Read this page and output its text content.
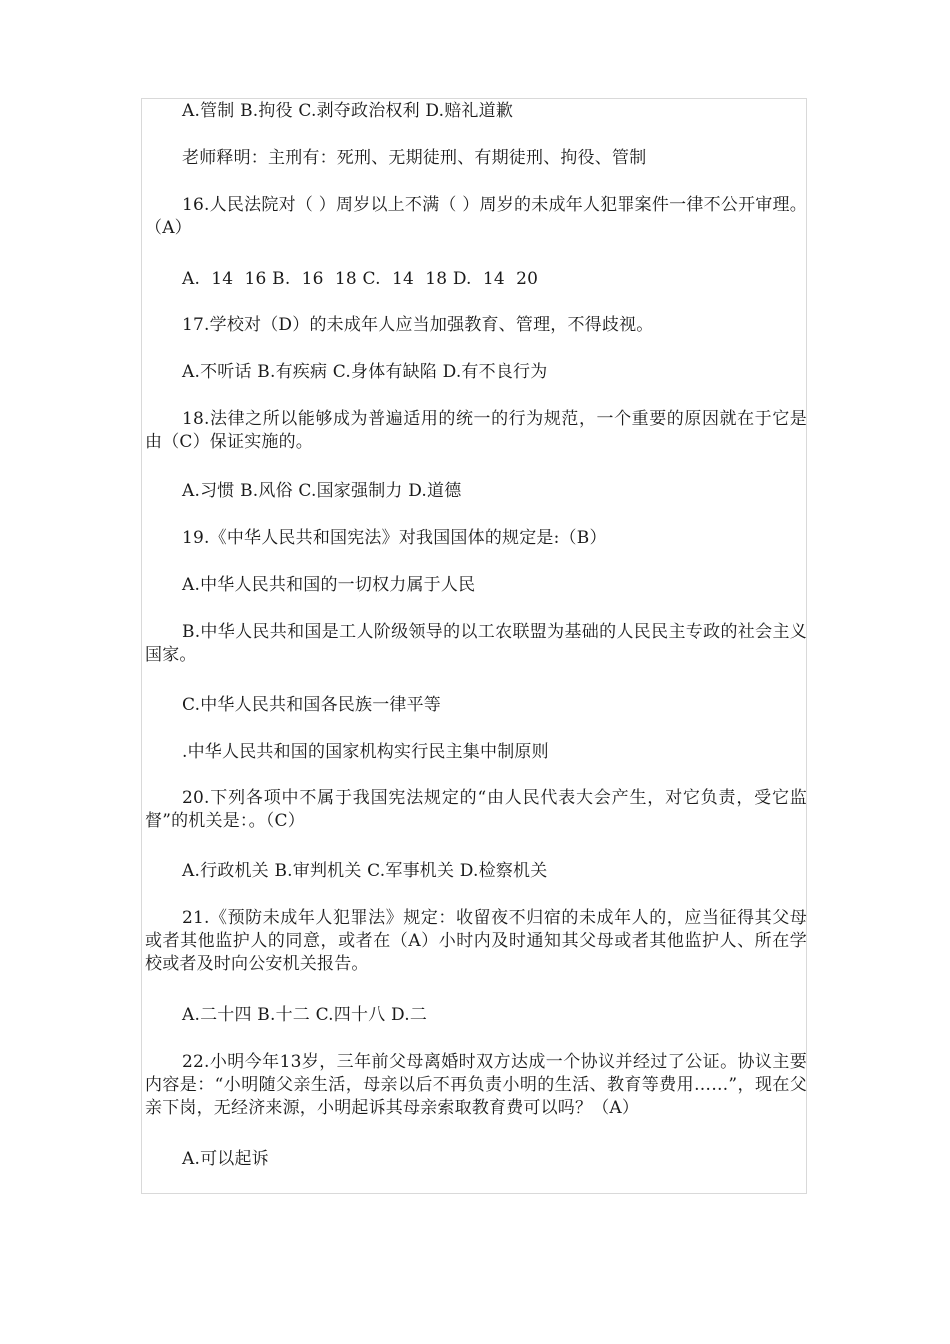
A.管制 B.拘役 C.剥夺政治权利 D.赔礼道歉

老师释明：主刑有：死刑、无期徒刑、有期徒刑、拘役、管制

16.人民法院对（ ）周岁以上不满（ ）周岁的未成年人犯罪案件一律不公开审理。（A）

A.  14  16 B.  16  18 C.  14  18 D.  14  20

17.学校对（D）的未成年人应当加强教育、管理，不得歧视。

A.不听话 B.有疾病 C.身体有缺陷 D.有不良行为

18.法律之所以能够成为普遍适用的统一的行为规范，一个重要的原因就在于它是由（C）保证实施的。

A.习惯 B.风俗 C.国家强制力 D.道德

19.《中华人民共和国宪法》对我国国体的规定是:（B）

A.中华人民共和国的一切权力属于人民

B.中华人民共和国是工人阶级领导的以工农联盟为基础的人民民主专政的社会主义国家。

C.中华人民共和国各民族一律平等

.中华人民共和国的国家机构实行民主集中制原则

20.下列各项中不属于我国宪法规定的“由人民代表大会产生，对它负责，受它监督”的机关是：。（C）

A.行政机关 B.审判机关 C.军事机关 D.检察机关

21.《预防未成年人犯罪法》规定：收留夜不归宿的未成年人的，应当征得其父母或者其他监护人的同意，或者在（A）小时内及时通知其父母或者其他监护人、所在学校或者及时向公安机关报告。

A.二十四 B.十二 C.四十八 D.二

22.小明今年13岁，三年前父母离婚时双方达成一个协议并经过了公证。协议主要内容是：“小明随父亲生活，母亲以后不再负责小明的生活、教育等费用……”，现在父亲下岗，无经济来源，小明起诉其母亲索取教育费可以吗？（A）

A.可以起诉
